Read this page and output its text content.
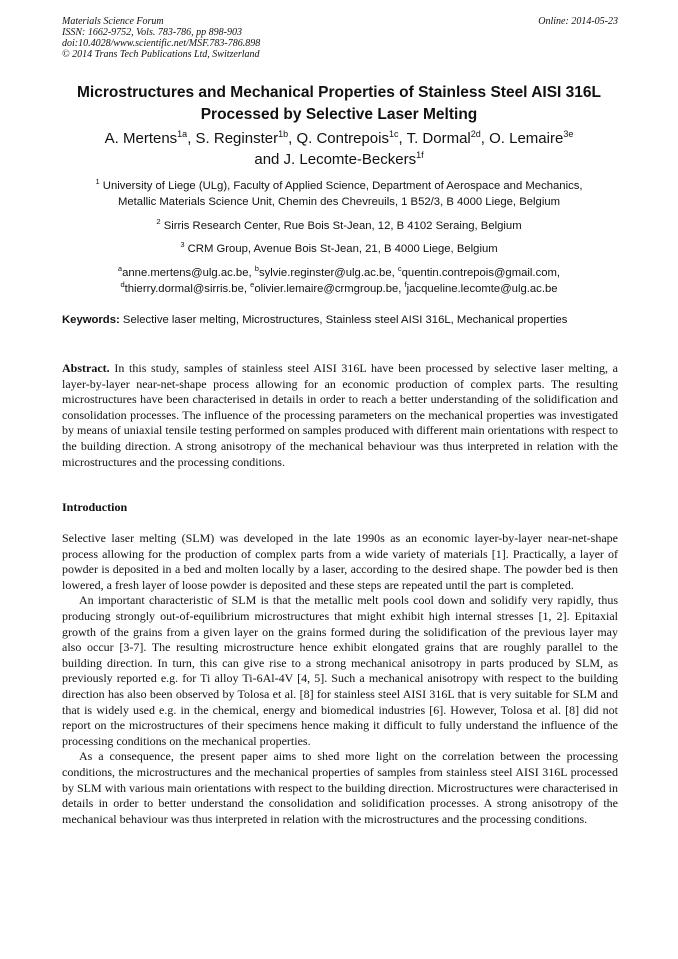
Materials Science Forum	Online: 2014-05-23
ISSN: 1662-9752, Vols. 783-786, pp 898-903
doi:10.4028/www.scientific.net/MSF.783-786.898
© 2014 Trans Tech Publications Ltd, Switzerland
Microstructures and Mechanical Properties of Stainless Steel AISI 316L
Processed by Selective Laser Melting
A. Mertens$^{1a}$, S. Reginster$^{1b}$, Q. Contrepois$^{1c}$, T. Dormal$^{2d}$, O. Lemaire$^{3e}$
and J. Lecomte-Beckers$^{1f}$
$^1$ University of Liege (ULg), Faculty of Applied Science, Department of Aerospace and Mechanics,
Metallic Materials Science Unit, Chemin des Chevreuils, 1 B52/3, B 4000 Liege, Belgium
$^2$ Sirris Research Center, Rue Bois St-Jean, 12, B 4102 Seraing, Belgium
$^3$ CRM Group, Avenue Bois St-Jean, 21, B 4000 Liege, Belgium
$^a$anne.mertens@ulg.ac.be, $^b$sylvie.reginster@ulg.ac.be, $^c$quentin.contrepois@gmail.com,
$^d$thierry.dormal@sirris.be, $^e$olivier.lemaire@crmgroup.be, $^f$jacqueline.lecomte@ulg.ac.be
Keywords: Selective laser melting, Microstructures, Stainless steel AISI 316L, Mechanical properties
Abstract. In this study, samples of stainless steel AISI 316L have been processed by selective laser melting, a layer-by-layer near-net-shape process allowing for an economic production of complex parts. The resulting microstructures have been characterised in details in order to reach a better understanding of the solidification and consolidation processes. The influence of the processing parameters on the mechanical properties was investigated by means of uniaxial tensile testing performed on samples produced with different main orientations with respect to the building direction. A strong anisotropy of the mechanical behaviour was thus interpreted in relation with the microstructures and the processing conditions.
Introduction

Selective laser melting (SLM) was developed in the late 1990s as an economic layer-by-layer near-net-shape process allowing for the production of complex parts from a wide variety of materials [1]. Practically, a layer of powder is deposited in a bed and molten locally by a laser, according to the desired shape. The powder bed is then lowered, a fresh layer of loose powder is deposited and these steps are repeated until the part is completed.

An important characteristic of SLM is that the metallic melt pools cool down and solidify very rapidly, thus producing strongly out-of-equilibrium microstructures that might exhibit high internal stresses [1, 2]. Epitaxial growth of the grains from a given layer on the grains formed during the solidification of the previous layer may also occur [3-7]. The resulting microstructure hence exhibit elongated grains that are roughly parallel to the building direction. In turn, this can give rise to a strong mechanical anisotropy in parts produced by SLM, as previously reported e.g. for Ti alloy Ti-6Al-4V [4, 5]. Such a mechanical anisotropy with respect to the building direction has also been observed by Tolosa et al. [8] for stainless steel AISI 316L that is very suitable for SLM and that is widely used e.g. in the chemical, energy and biomedical industries [6]. However, Tolosa et al. [8] did not report on the microstructures of their specimens hence making it difficult to fully understand the influence of the processing conditions on the mechanical properties.

As a consequence, the present paper aims to shed more light on the correlation between the processing conditions, the microstructures and the mechanical properties of samples from stainless steel AISI 316L processed by SLM with various main orientations with respect to the building direction. Microstructures were characterised in details in order to better understand the consolidation and solidification processes. A strong anisotropy of the mechanical behaviour was thus interpreted in relation with the microstructures and the processing conditions.
